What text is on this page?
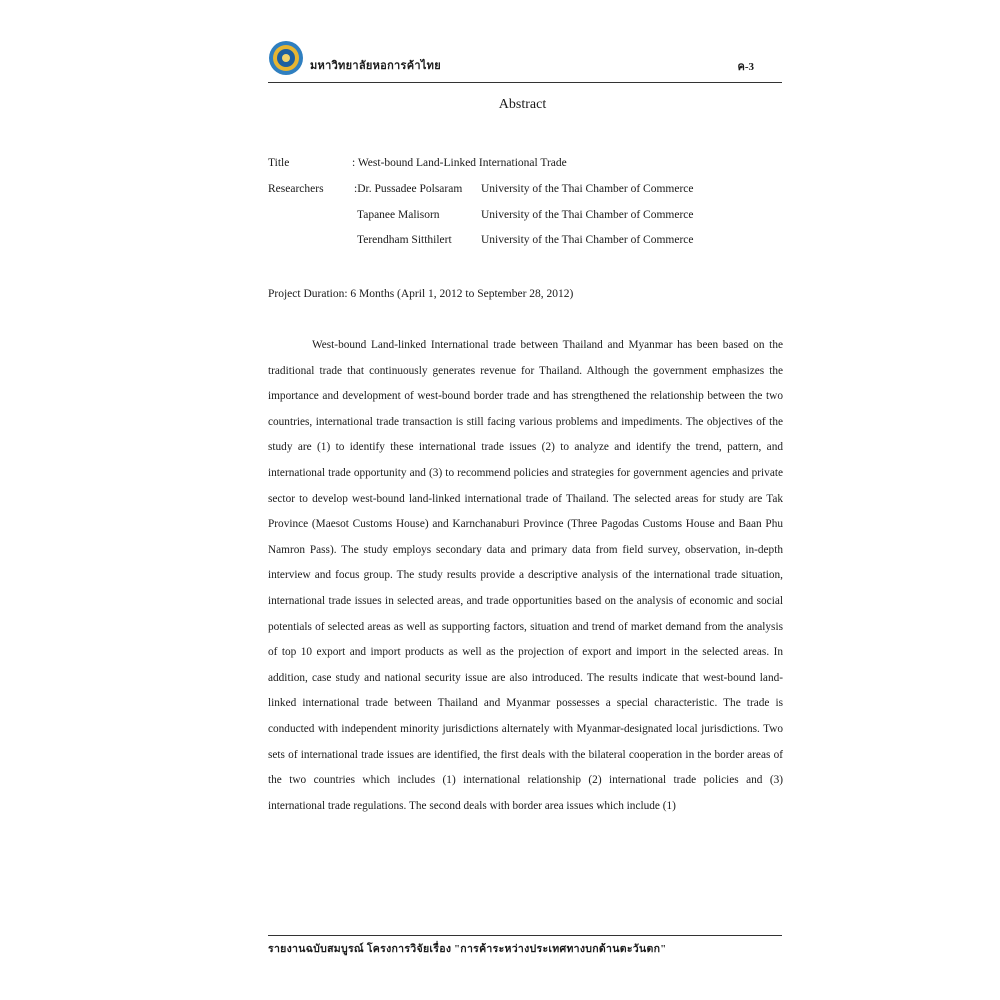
มหาวิทยาลัยหอการค้าไทย	ค-3
Abstract
Title	: West-bound Land-Linked International Trade
Researchers	:Dr. Pussadee Polsaram University of the Thai Chamber of Commerce
Tapanee Malisorn	University of the Thai Chamber of Commerce
Terendham Sitthilert	University of the Thai Chamber of Commerce
Project Duration: 6 Months (April 1, 2012 to September 28, 2012)

West-bound Land-linked International trade between Thailand and Myanmar has been based on the traditional trade that continuously generates revenue for Thailand. Although the government emphasizes the importance and development of west-bound border trade and has strengthened the relationship between the two countries, international trade transaction is still facing various problems and impediments. The objectives of the study are (1) to identify these international trade issues (2) to analyze and identify the trend, pattern, and international trade opportunity and (3) to recommend policies and strategies for government agencies and private sector to develop west-bound land-linked international trade of Thailand. The selected areas for study are Tak Province (Maesot Customs House) and Karnchanaburi Province (Three Pagodas Customs House and Baan Phu Namron Pass). The study employs secondary data and primary data from field survey, observation, in-depth interview and focus group. The study results provide a descriptive analysis of the international trade situation, international trade issues in selected areas, and trade opportunities based on the analysis of economic and social potentials of selected areas as well as supporting factors, situation and trend of market demand from the analysis of top 10 export and import products as well as the projection of export and import in the selected areas. In addition, case study and national security issue are also introduced. The results indicate that west-bound land-linked international trade between Thailand and Myanmar possesses a special characteristic. The trade is conducted with independent minority jurisdictions alternately with Myanmar-designated local jurisdictions. Two sets of international trade issues are identified, the first deals with the bilateral cooperation in the border areas of the two countries which includes (1) international relationship (2) international trade policies and (3) international trade regulations. The second deals with border area issues which include (1)

รายงานฉบับสมบูรณ์ โครงการวิจัยเรื่อง "การค้าระหว่างประเทศทางบกด้านตะวันตก"
